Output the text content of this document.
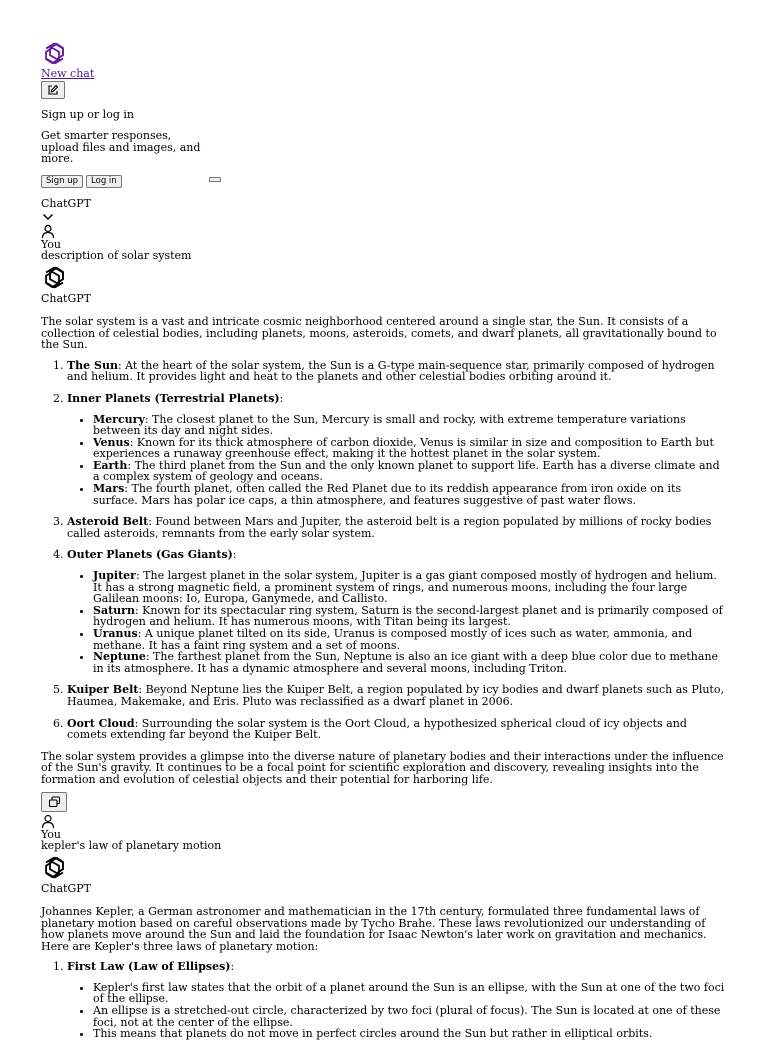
New chat
Sign up or log in
Get smarter responses, upload files and images, and more.
Sign up	Log in
ChatGPT
You
description of solar system
ChatGPT

The solar system is a vast and intricate cosmic neighborhood centered around a single star, the Sun. It consists of a collection of celestial bodies, including planets, moons, asteroids, comets, and dwarf planets, all gravitationally bound to the Sun.

1. The Sun: At the heart of the solar system, the Sun is a G-type main-sequence star, primarily composed of hydrogen and helium. It provides light and heat to the planets and other celestial bodies orbiting around it.
2. Inner Planets (Terrestrial Planets):
• Mercury: The closest planet to the Sun, Mercury is small and rocky, with extreme temperature variations between its day and night sides.
• Venus: Known for its thick atmosphere of carbon dioxide, Venus is similar in size and composition to Earth but experiences a runaway greenhouse effect, making it the hottest planet in the solar system.
• Earth: The third planet from the Sun and the only known planet to support life. Earth has a diverse climate and a complex system of geology and oceans.
• Mars: The fourth planet, often called the Red Planet due to its reddish appearance from iron oxide on its surface. Mars has polar ice caps, a thin atmosphere, and features suggestive of past water flows.
3. Asteroid Belt: Found between Mars and Jupiter, the asteroid belt is a region populated by millions of rocky bodies called asteroids, remnants from the early solar system.
4. Outer Planets (Gas Giants):
• Jupiter: The largest planet in the solar system, Jupiter is a gas giant composed mostly of hydrogen and helium. It has a strong magnetic field, a prominent system of rings, and numerous moons, including the four large Galilean moons: Io, Europa, Ganymede, and Callisto.
• Saturn: Known for its spectacular ring system, Saturn is the second-largest planet and is primarily composed of hydrogen and helium. It has numerous moons, with Titan being its largest.
• Uranus: A unique planet tilted on its side, Uranus is composed mostly of ices such as water, ammonia, and methane. It has a faint ring system and a set of moons.
• Neptune: The farthest planet from the Sun, Neptune is also an ice giant with a deep blue color due to methane in its atmosphere. It has a dynamic atmosphere and several moons, including Triton.
5. Kuiper Belt: Beyond Neptune lies the Kuiper Belt, a region populated by icy bodies and dwarf planets such as Pluto, Haumea, Makemake, and Eris. Pluto was reclassified as a dwarf planet in 2006.
6. Oort Cloud: Surrounding the solar system is the Oort Cloud, a hypothesized spherical cloud of icy objects and comets extending far beyond the Kuiper Belt.

The solar system provides a glimpse into the diverse nature of planetary bodies and their interactions under the influence of the Sun's gravity. It continues to be a focal point for scientific exploration and discovery, revealing insights into the formation and evolution of celestial objects and their potential for harboring life.

You
kepler's law of planetary motion
ChatGPT

Johannes Kepler, a German astronomer and mathematician in the 17th century, formulated three fundamental laws of planetary motion based on careful observations made by Tycho Brahe. These laws revolutionized our understanding of how planets move around the Sun and laid the foundation for Isaac Newton's later work on gravitation and mechanics. Here are Kepler's three laws of planetary motion:

1. First Law (Law of Ellipses):
• Kepler's first law states that the orbit of a planet around the Sun is an ellipse, with the Sun at one of the two foci of the ellipse.
• An ellipse is a stretched-out circle, characterized by two foci (plural of focus). The Sun is located at one of these foci, not at the center of the ellipse.
• This means that planets do not move in perfect circles around the Sun but rather in elliptical orbits.
